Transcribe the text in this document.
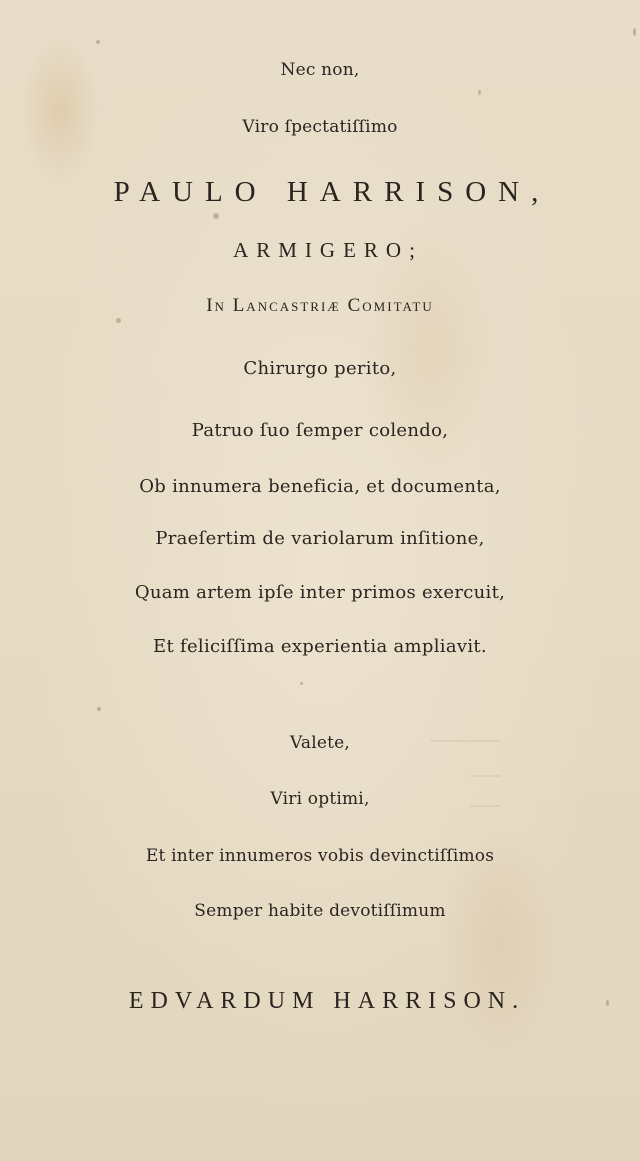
Nec non,
Viro ſpectatiſſimo
PAULO HARRISON,
ARMIGERO;
In Lancastriæ Comitatu
Chirurgo perito,
Patruo ſuo ſemper colendo,
Ob innumera beneficia, et documenta,
Praeſertim de variolarum inſitione,
Quam artem ipſe inter primos exercuit,
Et feliciſſima experientia ampliavit.
Valete,
Viri optimi,
Et inter innumeros vobis devinctiſſimos
Semper habite devotiſſimum
EDVARDUM HARRISON.
